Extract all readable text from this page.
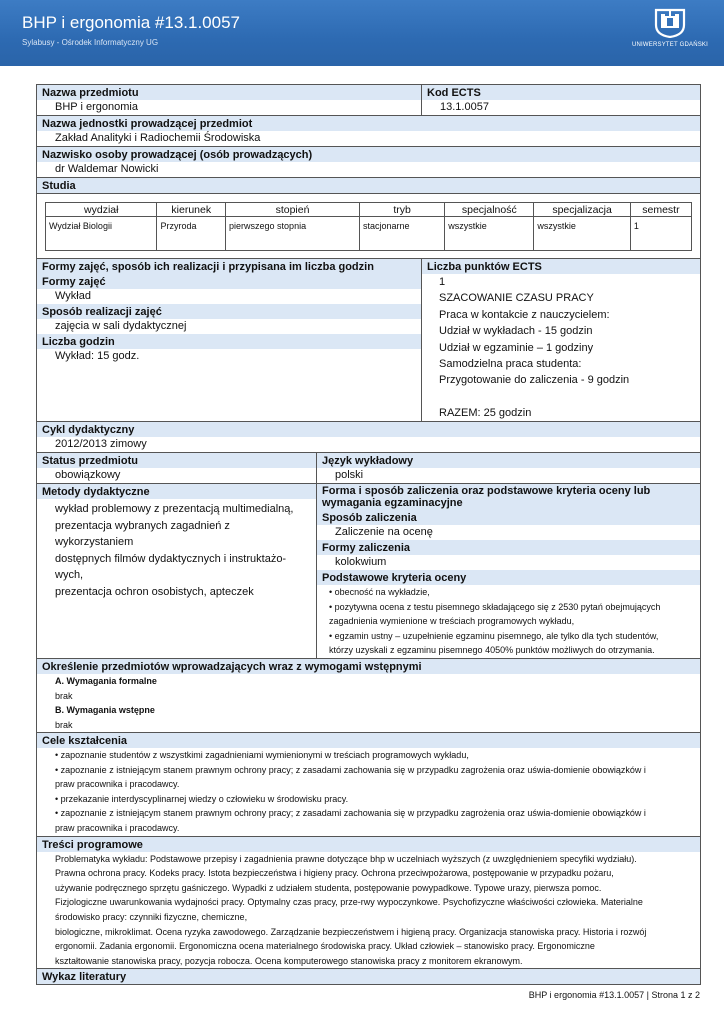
BHP i ergonomia #13.1.0057
Sylabusy - Ośrodek Informatyczny UG	UNIWERSYTET GDAŃSKI
Nazwa przedmiotu
BHP i ergonomia
Kod ECTS
13.1.0057
Nazwa jednostki prowadzącej przedmiot
Zakład Analityki i Radiochemii Środowiska
Nazwisko osoby prowadzącej (osób prowadzących)
dr Waldemar Nowicki
Studia
wydział	kierunek	stopień	tryb	specjalność	specjalizacja	semestr
Wydział Biologii	Przyroda	pierwszego stopnia	stacjonarne	wszystkie	wszystkie	1
Formy zajęć, sposób ich realizacji i przypisana im liczba godzin
Formy zajęć
Wykład
Sposób realizacji zajęć
zajęcia w sali dydaktycznej
Liczba godzin
Wykład: 15 godz.
Liczba punktów ECTS
1
SZACOWANIE CZASU PRACY
Praca w kontakcie z nauczycielem:
Udział w wykładach - 15 godzin
Udział w egzaminie – 1 godziny
Samodzielna praca studenta:
Przygotowanie do zaliczenia - 9 godzin
RAZEM: 25 godzin
Cykl dydaktyczny
2012/2013 zimowy
Status przedmiotu
obowiązkowy
Język wykładowy
polski
Metody dydaktyczne
wykład problemowy z prezentacją multimedialną,
prezentacja wybranych zagadnień z wykorzystaniem
dostępnych filmów dydaktycznych i instruktażo-wych,
prezentacja ochron osobistych, apteczek
Forma i sposób zaliczenia oraz podstawowe kryteria oceny lub wymagania egzaminacyjne
Sposób zaliczenia
Zaliczenie na ocenę
Formy zaliczenia
kolokwium
Podstawowe kryteria oceny
• obecność na wykładzie,
• pozytywna ocena z testu pisemnego składającego się z 2530 pytań obejmujących
zagadnienia wymienione w treściach programowych wykładu,
• egzamin ustny – uzupełnienie egzaminu pisemnego, ale tylko dla tych studentów,
którzy uzyskali z egzaminu pisemnego 4050% punktów możliwych do otrzymania.
Określenie przedmiotów wprowadzających wraz z wymogami wstępnymi
A. Wymagania formalne
brak
B. Wymagania wstępne
brak
Cele kształcenia
• zapoznanie studentów z wszystkimi zagadnieniami wymienionymi w treściach programowych wykładu,
• zapoznanie z istniejącym stanem prawnym ochrony pracy; z zasadami zachowania się w przypadku zagrożenia oraz uświa-domienie obowiązków i
praw pracownika i pracodawcy.
• przekazanie interdyscyplinarnej wiedzy o człowieku w środowisku pracy.
• zapoznanie z istniejącym stanem prawnym ochrony pracy; z zasadami zachowania się w przypadku zagrożenia oraz uświa-domienie obowiązków i
praw pracownika i pracodawcy.
Treści programowe
Problematyka wykładu: Podstawowe przepisy i zagadnienia prawne dotyczące bhp w uczelniach wyższych (z uwzględnieniem specyfiki wydziału).
Prawna ochrona pracy. Kodeks pracy. Istota bezpieczeństwa i higieny pracy. Ochrona przeciwpożarowa, postępowanie w przypadku pożaru,
używanie podręcznego sprzętu gaśniczego. Wypadki z udziałem studenta, postępowanie powypadkowe. Typowe urazy, pierwsza pomoc.
Fizjologiczne uwarunkowania wydajności pracy. Optymalny czas pracy, prze-rwy wypoczynkowe. Psychofizyczne właściwości człowieka. Materialne
środowisko pracy: czynniki fizyczne, chemiczne,
biologiczne, mikroklimat. Ocena ryzyka zawodowego. Zarządzanie bezpieczeństwem i higieną pracy. Organizacja stanowiska pracy. Historia i rozwój
ergonomii. Zadania ergonomii. Ergonomiczna ocena materialnego środowiska pracy. Układ człowiek – stanowisko pracy. Ergonomiczne
kształtowanie stanowiska pracy, pozycja robocza. Ocena komputerowego stanowiska pracy z monitorem ekranowym.
Wykaz literatury
BHP i ergonomia #13.1.0057 | Strona 1 z 2
